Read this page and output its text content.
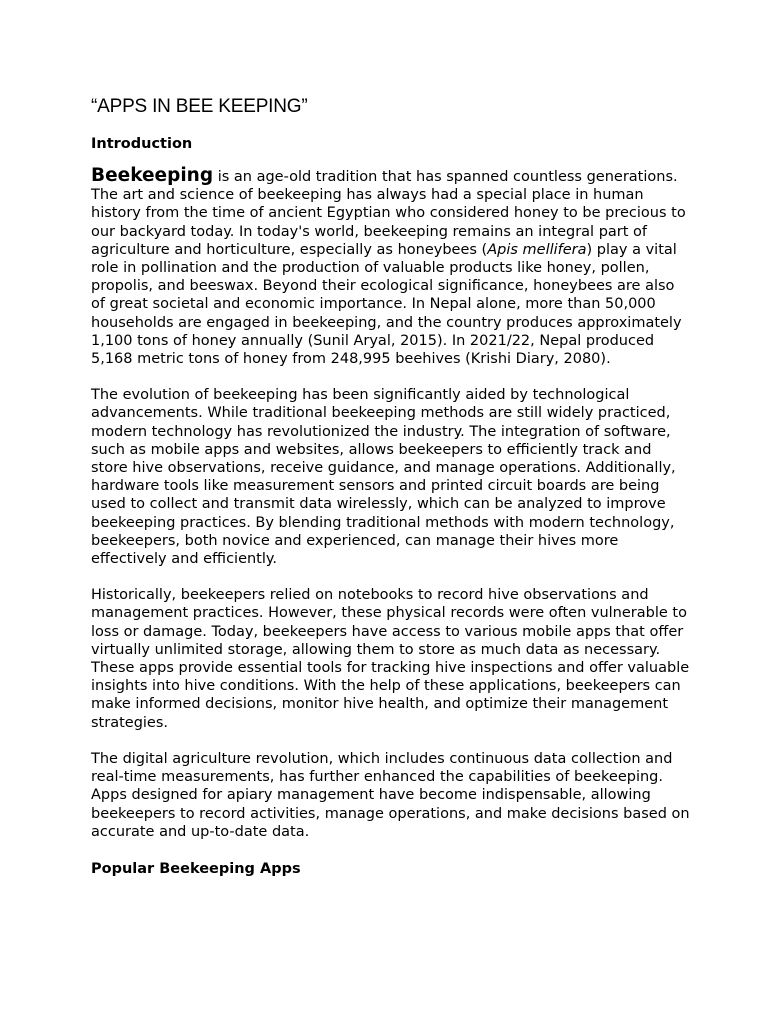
“APPS IN BEE KEEPING”
Introduction

Beekeeping is an age-old tradition that has spanned countless generations. The art and science of beekeeping has always had a special place in human history from the time of ancient Egyptian who considered honey to be precious to our backyard today. In today's world, beekeeping remains an integral part of agriculture and horticulture, especially as honeybees (Apis mellifera) play a vital role in pollination and the production of valuable products like honey, pollen, propolis, and beeswax. Beyond their ecological significance, honeybees are also of great societal and economic importance. In Nepal alone, more than 50,000 households are engaged in beekeeping, and the country produces approximately 1,100 tons of honey annually (Sunil Aryal, 2015). In 2021/22, Nepal produced 5,168 metric tons of honey from 248,995 beehives (Krishi Diary, 2080).

The evolution of beekeeping has been significantly aided by technological advancements. While traditional beekeeping methods are still widely practiced, modern technology has revolutionized the industry. The integration of software, such as mobile apps and websites, allows beekeepers to efficiently track and store hive observations, receive guidance, and manage operations. Additionally, hardware tools like measurement sensors and printed circuit boards are being used to collect and transmit data wirelessly, which can be analyzed to improve beekeeping practices. By blending traditional methods with modern technology, beekeepers, both novice and experienced, can manage their hives more effectively and efficiently.

Historically, beekeepers relied on notebooks to record hive observations and management practices. However, these physical records were often vulnerable to loss or damage. Today, beekeepers have access to various mobile apps that offer virtually unlimited storage, allowing them to store as much data as necessary. These apps provide essential tools for tracking hive inspections and offer valuable insights into hive conditions. With the help of these applications, beekeepers can make informed decisions, monitor hive health, and optimize their management strategies.

The digital agriculture revolution, which includes continuous data collection and real-time measurements, has further enhanced the capabilities of beekeeping. Apps designed for apiary management have become indispensable, allowing beekeepers to record activities, manage operations, and make decisions based on accurate and up-to-date data.

Popular Beekeeping Apps
